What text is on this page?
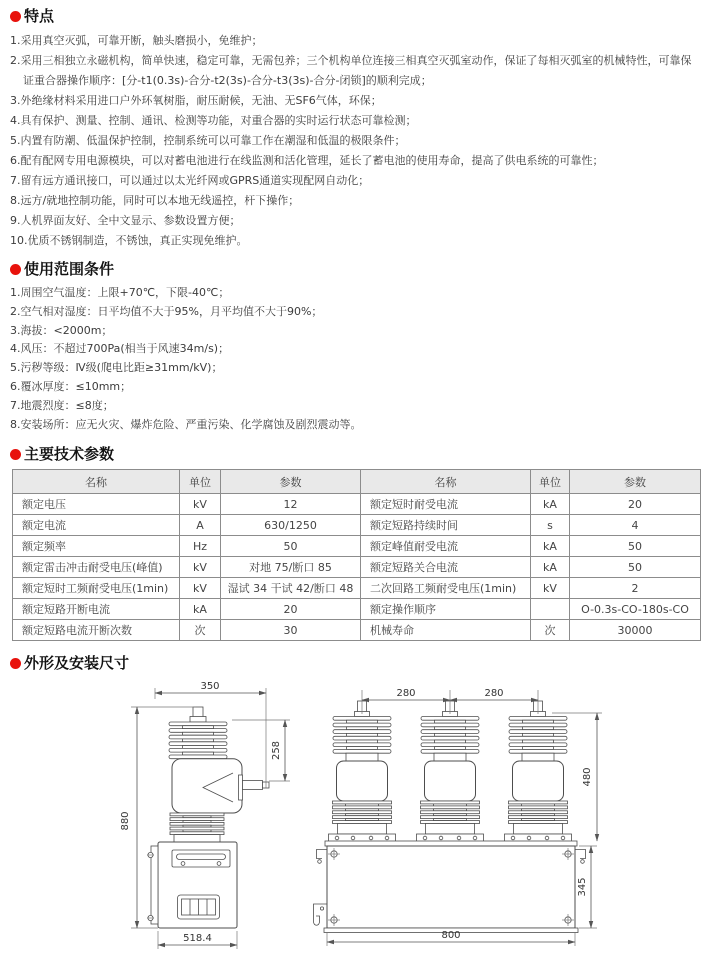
特点
1.采用真空灭弧，可靠开断，触头磨损小，免维护；
2.采用三相独立永磁机构，简单快速，稳定可靠，无需包养；三个机构单位连接三相真空灭弧室动作，保证了每相灭弧室的机械特性，可靠保证重合器操作顺序：[分-t1(0.3s)-合分-t2(3s)-合分-t3(3s)-合分-闭锁]的顺利完成；
3.外绝缘材料采用进口户外环氧树脂，耐压耐候，无油、无SF6气体，环保；
4.具有保护、测量、控制、通讯、检测等功能，对重合器的实时运行状态可靠检测；
5.内置有防潮、低温保护控制，控制系统可以可靠工作在潮湿和低温的极限条件；
6.配有配网专用电源模块，可以对蓄电池进行在线监测和活化管理，延长了蓄电池的使用寿命，提高了供电系统的可靠性；
7.留有远方通讯接口，可以通过以太光纤网或GPRS通道实现配网自动化；
8.远方/就地控制功能，同时可以本地无线遥控，杆下操作；
9.人机界面友好、全中文显示、参数设置方便；
10.优质不锈钢制造，不锈蚀，真正实现免维护。
使用范围条件
1.周围空气温度：上限+70℃，下限-40℃；
2.空气相对湿度：日平均值不大于95%，月平均值不大于90%；
3.海拔：<2000m；
4.风压：不超过700Pa(相当于风速34m/s)；
5.污秽等级：Ⅳ级(爬电比距≥31mm/kV)；
6.覆冰厚度：≤10mm；
7.地震烈度：≤8度；
8.安装场所：应无火灾、爆炸危险、严重污染、化学腐蚀及剧烈震动等。
主要技术参数
名称	单位	参数	名称	单位	参数
额定电压	kV	12	额定短时耐受电流	kA	20
额定电流	A	630/1250	额定短路持续时间	s	4
额定频率	Hz	50	额定峰值耐受电流	kA	50
额定雷击冲击耐受电压(峰值)	kV	对地 75/断口 85	额定短路关合电流	kA	50
额定短时工频耐受电压(1min)	kV	湿试 34 干试 42/断口 48	二次回路工频耐受电压(1min)	kV	2
额定短路开断电流	kA	20	额定操作顺序		O-0.3s-CO-180s-CO
额定短路电流开断次数	次	30	机械寿命	次	30000
外形及安装尺寸
350
880
258
518.4
280	280
480
345
800
